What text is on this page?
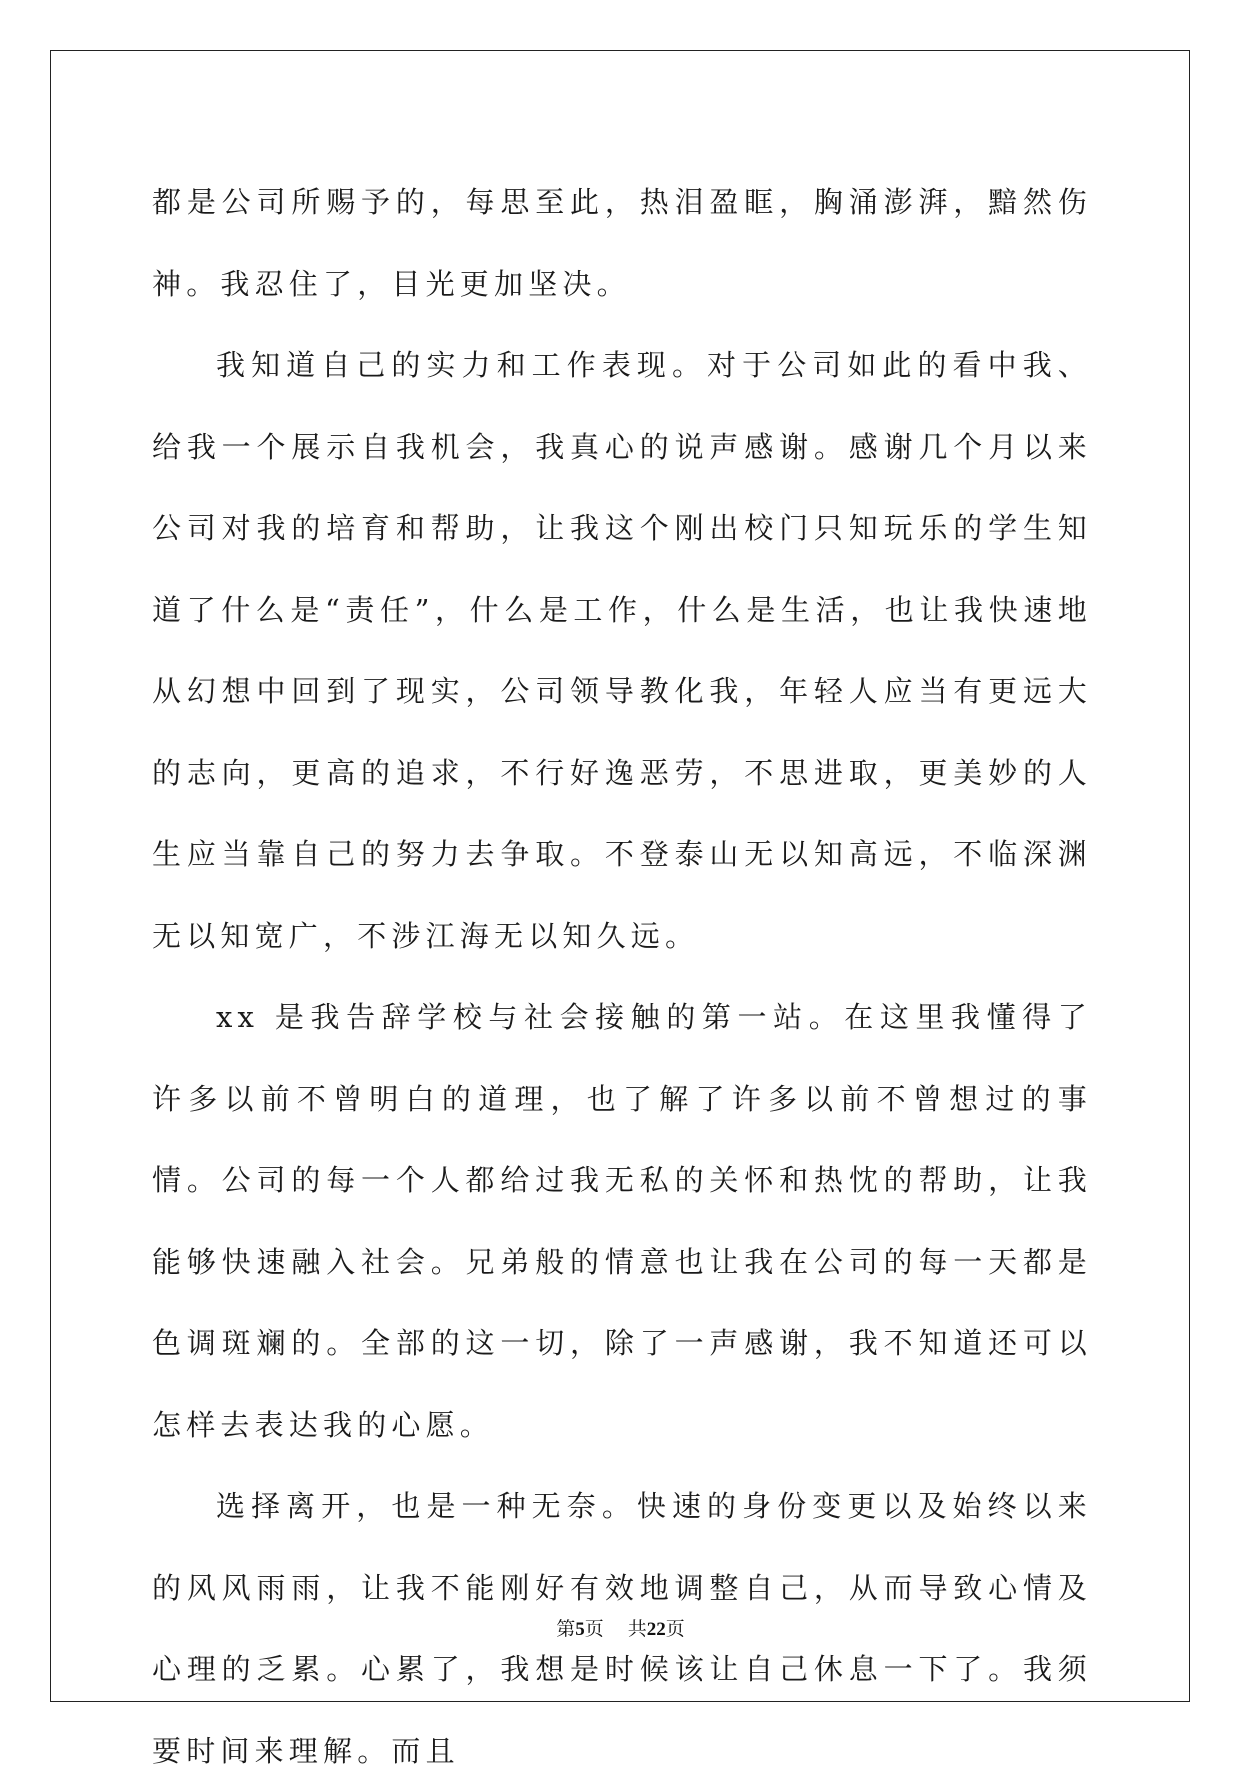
都是公司所赐予的，每思至此，热泪盈眶，胸涌澎湃，黯然伤神。我忍住了，目光更加坚决。

我知道自己的实力和工作表现。对于公司如此的看中我、给我一个展示自我机会，我真心的说声感谢。感谢几个月以来公司对我的培育和帮助，让我这个刚出校门只知玩乐的学生知道了什么是“责任”，什么是工作，什么是生活，也让我快速地从幻想中回到了现实，公司领导教化我，年轻人应当有更远大的志向，更高的追求，不行好逸恶劳，不思进取，更美妙的人生应当靠自己的努力去争取。不登泰山无以知高远，不临深渊无以知宽广，不涉江海无以知久远。

xx 是我告辞学校与社会接触的第一站。在这里我懂得了许多以前不曾明白的道理，也了解了许多以前不曾想过的事情。公司的每一个人都给过我无私的关怀和热忱的帮助，让我能够快速融入社会。兄弟般的情意也让我在公司的每一天都是色调斑斓的。全部的这一切，除了一声感谢，我不知道还可以怎样去表达我的心愿。

选择离开，也是一种无奈。快速的身份变更以及始终以来的风风雨雨，让我不能刚好有效地调整自己，从而导致心情及心理的乏累。心累了，我想是时候该让自己休息一下了。我须要时间来理解。而且

第5页 共22页
